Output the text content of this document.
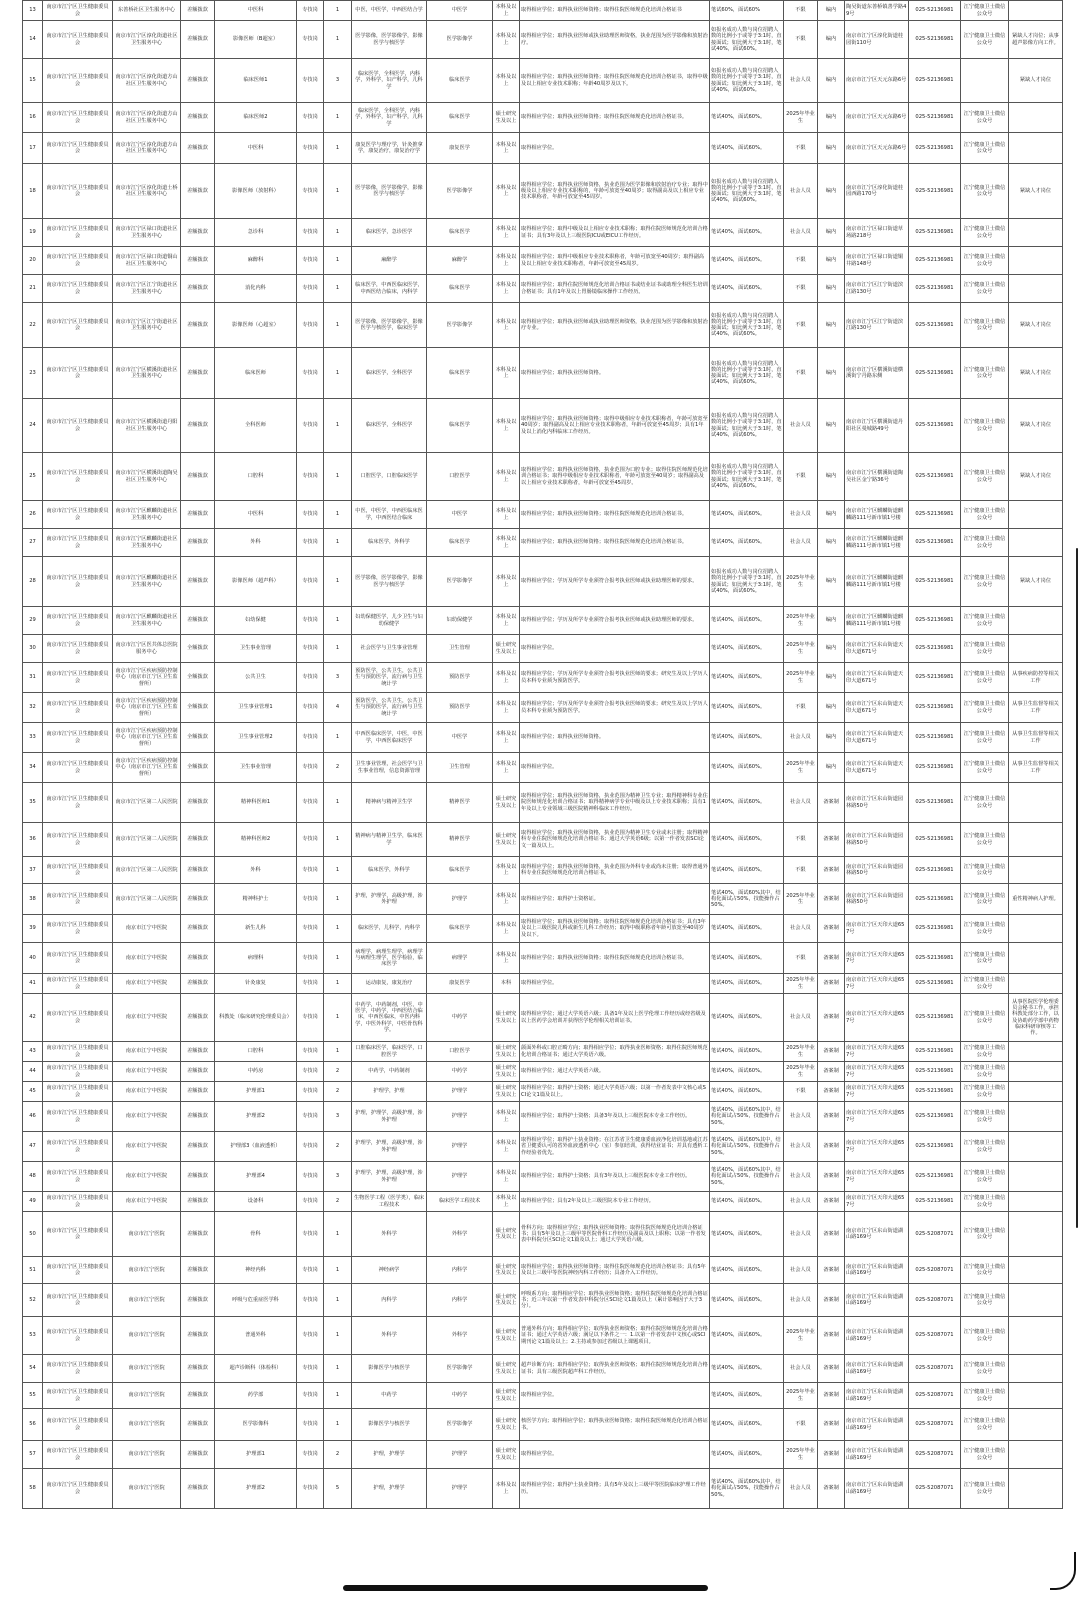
13	南京市江宁区卫生健康委员会	东善桥社区卫生服务中心	差额拨款	中医科	专技岗	1	中医，中医学，中西医结合学	中医学	本科及以上	取得相应学位；取得执业医师资格；取得住院医师规范化培训合格证书	笔试60%，面试60%	不限	编内	陶吴街道东善桥镇善学路49号	025-52136981	江宁健康卫士微信公众号	
14	南京市江宁区卫生健康委员会	南京市江宁区淳化街道社区卫生服务中心	差额拨款	影像医师（B超室）	专技岗	1	医学影像，医学影像学，影像医学与核医学	医学影像学	本科及以上	取得相应学位；取得执业医师或执业助理医师资格，执业范围为医学影像和放射治疗。	如报名成功人数与岗位招聘人数的比例小于或等于3:1时，直接面试；如比例大于3:1时，笔试40%，面试60%。	不限	编内	南京市江宁区淳化街道桂园街110号	025-52136981	江宁健康卫士微信公众号	紧缺人才岗位；从事超声影像方向工作。
15	南京市江宁区卫生健康委员会	南京市江宁区淳化街道方山社区卫生服务中心	差额拨款	临床医师1	专技岗	3	临床医学，全科医学，内科学，外科学，妇产科学，儿科学	临床医学	本科及以上	取得相应学位；取得执业医师资格；取得住院医师规范化培训合格证书，取得中级及以上相应专业技术职称；年龄40周岁及以下。	如报名成功人数与岗位招聘人数的比例小于或等于3:1时，直接面试；如比例大于3:1时，笔试40%，面试60%。	社会人员	编内	南京市江宁区天元东路6号	025-52136981		紧缺人才岗位
16	南京市江宁区卫生健康委员会	南京市江宁区淳化街道方山社区卫生服务中心	差额拨款	临床医师2	专技岗	1	临床医学，全科医学，内科学，外科学，妇产科学，儿科学	临床医学	硕士研究生及以上	取得相应学位；取得执业医师资格；取得住院医师规范化培训合格证书。	笔试40%，面试60%。	2025年毕业生	编内	南京市江宁区天元东路6号	025-52136981	江宁健康卫士微信公众号	
17	南京市江宁区卫生健康委员会	南京市江宁区淳化街道方山社区卫生服务中心	差额拨款	中医科	专技岗	1	康复医学与理疗学，针灸推拿学，康复治疗，康复治疗学	康复医学	本科及以上	取得相应学位。	笔试40%，面试60%。	不限	编内	南京市江宁区天元东路6号	025-52136981	江宁健康卫士微信公众号	
18	南京市江宁区卫生健康委员会	南京市江宁区淳化街道土桥社区卫生服务中心	差额拨款	影像医师（放射科）	专技岗	1	医学影像，医学影像学，影像医学与核医学	医学影像学	本科及以上	取得相应学位；取得执业医师资格，执业范围为医学影像和放射治疗专业；取得中级及以上相应专业技术职称的，年龄可放宽至40周岁；取得副高及以上相应专业技术职称者，年龄可放宽至45周岁。	如报名成功人数与岗位招聘人数的比例小于或等于3:1时，直接面试；如比例大于3:1时，笔试40%，面试60%。	社会人员	编内	南京市江宁区淳化街道桂园西路170号	025-52136981	江宁健康卫士微信公众号	紧缺人才岗位
19	南京市江宁区卫生健康委员会	南京市江宁区禄口街道社区卫生服务中心	差额拨款	急诊科	专技岗	1	临床医学，急诊医学	临床医学	本科及以上	取得相应学位；取得中级及以上相应专业技术职称；取得住院医师规范化培训合格证书；具有3年及以上三级医院ICU或EICU工作经历。	笔试40%，面试60%。	社会人员	编内	南京市江宁区禄口街道草场路218号	025-52136981	江宁健康卫士微信公众号	
20	南京市江宁区卫生健康委员会	南京市江宁区禄口街道铜山社区卫生服务中心	差额拨款	麻醉科	专技岗	1	麻醉学	麻醉学	本科及以上	取得相应学位；取得中级相应专业技术职称者，年龄可放宽至40周岁；取得副高及以上相应专业技术职称者，年龄可放宽至45周岁。	笔试40%，面试60%。	不限	编内	南京市江宁区禄口街道铜井路148号	025-52136981	江宁健康卫士微信公众号	
21	南京市江宁区卫生健康委员会	南京市江宁区江宁街道社区卫生服务中心	差额拨款	消化内科	专技岗	1	临床医学，中西医临床医学，中西医结合临床，内科学	临床医学	本科及以上	取得相应学位；取得住院医师规范化培训合格证书或结业证书或助理全科医生培训合格证书；具有1年及以上胃肠镜临床操作工作经历。	笔试40%，面试60%。	不限	编内	南京市江宁区江宁街道滨江路130号	025-52136981	江宁健康卫士微信公众号	
22	南京市江宁区卫生健康委员会	南京市江宁区江宁街道社区卫生服务中心	差额拨款	影像医师（心超室）	专技岗	1	医学影像，医学影像学，影像医学与核医学，临床医学	医学影像学	本科及以上	取得相应学位；取得执业医师或执业助理医师资格，执业范围为医学影像和放射治疗专业。	如报名成功人数与岗位招聘人数的比例小于或等于3:1时，直接面试；如比例大于3:1时，笔试40%，面试60%。	不限	编内	南京市江宁区江宁街道滨江路130号	025-52136981	江宁健康卫士微信公众号	紧缺人才岗位
23	南京市江宁区卫生健康委员会	南京市江宁区横溪街道社区卫生服务中心	差额拨款	临床医师	专技岗	1	临床医学，全科医学	临床医学	本科及以上	取得相应学位；取得执业医师资格。	如报名成功人数与岗位招聘人数的比例小于或等于3:1时，直接面试；如比例大于3:1时，笔试40%，面试60%。	不限	编内	南京市江宁区横溪街道横溪街宁丹路东侧	025-52136981	江宁健康卫士微信公众号	紧缺人才岗位
24	南京市江宁区卫生健康委员会	南京市江宁区横溪街道丹阳社区卫生服务中心	差额拨款	全科医师	专技岗	1	临床医学，全科医学	临床医学	本科及以上	取得相应学位；取得执业医师资格；取得中级相应专业技术职称者，年龄可放宽至40周岁；取得副高及以上相应专业技术职称者，年龄可放宽至45周岁；具有1年及以上消化内科临床工作经历。	如报名成功人数与岗位招聘人数的比例小于或等于3:1时，直接面试；如比例大于3:1时，笔试40%，面试60%。	社会人员	编内	南京市江宁区横溪街道丹阳社区曼城路49号	025-52136981	江宁健康卫士微信公众号	紧缺人才岗位
25	南京市江宁区卫生健康委员会	南京市江宁区横溪街道陶吴社区卫生服务中心	差额拨款	口腔科	专技岗	1	口腔医学，口腔临床医学	口腔医学	本科及以上	取得相应学位；取得执业医师资格，执业范围为口腔专业；取得住院医师规范化培训合格证书；取得中级相应专业技术职称者，年龄可放宽至40周岁；取得副高及以上相应专业技术职称者，年龄可放宽至45周岁。	如报名成功人数与岗位招聘人数的比例小于或等于3:1时，直接面试；如比例大于3:1时，笔试40%，面试60%。	不限	编内	南京市江宁区横溪街道陶吴社区金宁路36号	025-52136981	江宁健康卫士微信公众号	紧缺人才岗位
26	南京市江宁区卫生健康委员会	南京市江宁区麒麟街道社区卫生服务中心	差额拨款	中医科	专技岗	1	中医，中医学，中西医临床医学，中西医结合临床	中医学	本科及以上	取得相应学位；取得执业医师资格；取得住院医师规范化培训合格证书。	笔试40%，面试60%。	社会人员	编内	南京市江宁区麒麟街道麒麟路111号新市镇1号楼	025-52136981	江宁健康卫士微信公众号	
27	南京市江宁区卫生健康委员会	南京市江宁区麒麟街道社区卫生服务中心	差额拨款	外科	专技岗	1	临床医学，外科学	临床医学	本科及以上	取得相应学位；取得执业医师资格；取得住院医师规范化培训合格证书。	笔试40%，面试60%。	社会人员	编内	南京市江宁区麒麟街道麒麟路111号新市镇1号楼	025-52136981	江宁健康卫士微信公众号	
28	南京市江宁区卫生健康委员会	南京市江宁区麒麟街道社区卫生服务中心	差额拨款	影像医师（超声科）	专技岗	1	医学影像，医学影像学，影像医学与核医学	医学影像学	本科及以上	取得相应学位；学历及所学专业须符合报考执业医师或执业助理医师的要求。	如报名成功人数与岗位招聘人数的比例小于或等于3:1时，直接面试；如比例大于3:1时，笔试40%，面试60%。	2025年毕业生	编内	南京市江宁区麒麟街道麒麟路111号新市镇1号楼	025-52136981	江宁健康卫士微信公众号	紧缺人才岗位
29	南京市江宁区卫生健康委员会	南京市江宁区麒麟街道社区卫生服务中心	差额拨款	妇幼保健	专技岗	1	妇幼保健医学，儿少卫生与妇幼保健学	妇幼保健学	本科及以上	取得相应学位；学历及所学专业须符合报考执业医师或执业助理医师的要求。	笔试40%，面试60%。	2025年毕业生	编内	南京市江宁区麒麟街道麒麟路111号新市镇1号楼	025-52136981	江宁健康卫士微信公众号	
30	南京市江宁区卫生健康委员会	南京市江宁区医共体总医院服务中心	全额拨款	卫生事业管理	专技岗	1	社会医学与卫生事业管理	卫生管理	硕士研究生及以上	取得相应学位。	笔试40%，面试60%。	2025年毕业生	编内	南京市江宁区东山街道天印大道671号	025-52136981	江宁健康卫士微信公众号	
31	南京市江宁区卫生健康委员会	南京市江宁区疾病预防控制中心（南京市江宁区卫生监督所）	全额拨款	公共卫生	专技岗	3	预防医学，公共卫生，公共卫生与预防医学，流行病与卫生统计学	预防医学	本科及以上	取得相应学位；学历及所学专业须符合报考执业医师的要求；研究生及以上学历人员本科专业须为预防医学。	笔试40%，面试60%。	2025年毕业生	编内	南京市江宁区东山街道天印大道671号	025-52136981	江宁健康卫士微信公众号	从事疾病防控等相关工作
32	南京市江宁区卫生健康委员会	南京市江宁区疾病预防控制中心（南京市江宁区卫生监督所）	全额拨款	卫生事业管理1	专技岗	4	预防医学，公共卫生，公共卫生与预防医学，流行病与卫生统计学	预防医学	本科及以上	取得相应学位；学历及所学专业须符合报考执业医师的要求；研究生及以上学历人员本科专业须为预防医学。	笔试40%，面试60%。	不限	编内	南京市江宁区东山街道天印大道671号	025-52136981	江宁健康卫士微信公众号	从事卫生监督等相关工作
33	南京市江宁区卫生健康委员会	南京市江宁区疾病预防控制中心（南京市江宁区卫生监督所）	全额拨款	卫生事业管理2	专技岗	1	中西医临床医学，中医，中医学，中西医临床医学	中医学	本科及以上	取得相应学位；取得执业医师资格。	笔试40%，面试60%。	社会人员	编内	南京市江宁区东山街道天印大道671号	025-52136981	江宁健康卫士微信公众号	从事卫生监督等相关工作
34	南京市江宁区卫生健康委员会	南京市江宁区疾病预防控制中心（南京市江宁区卫生监督所）	全额拨款	卫生事业管理	专技岗	2	卫生事业管理，社会医学与卫生事业管理，信息资源管理	卫生管理	本科及以上	取得相应学位。	笔试40%，面试60%。	2025年毕业生	编内	南京市江宁区东山街道天印大道671号	025-52136981	江宁健康卫士微信公众号	从事卫生监督等相关工作
35	南京市江宁区卫生健康委员会	南京市江宁区第二人民医院	差额拨款	精神科医师1	专技岗	1	精神病与精神卫生学	精神医学	硕士研究生及以上	取得相应学位；取得执业医师资格，执业范围为精神卫生专业；取得精神科专业住院医师规范化培训合格证书；取得精神病学专业中级及以上专业技术职称；具有1年及以上专业领域三级医院精神科临床工作经历。	笔试40%，面试60%。	社会人员	备案制	南京市江宁区东山街道园林路50号	025-52136981	江宁健康卫士微信公众号	
36	南京市江宁区卫生健康委员会	南京市江宁区第二人民医院	差额拨款	精神科医师2	专技岗	1	精神病与精神卫生学，临床医学	精神医学	硕士研究生及以上	取得相应学位；取得执业医师资格，执业范围为精神卫生专业或未注册；取得精神科专业住院医师规范化培训合格证书；通过大学英语6级；以第一作者发表SCI论文一篇及以上。	笔试40%，面试60%。	不限	备案制	南京市江宁区东山街道园林路50号	025-52136981	江宁健康卫士微信公众号	
37	南京市江宁区卫生健康委员会	南京市江宁区第二人民医院	差额拨款	外科	专技岗	1	临床医学，外科学	临床医学	本科及以上	取得相应学位；取得执业医师资格，执业范围为外科专业或尚未注册；取得普通外科专业住院医师规范化培训合格证书。	笔试40%，面试60%。	不限	备案制	南京市江宁区东山街道园林路50号	025-52136981	江宁健康卫士微信公众号	
38	南京市江宁区卫生健康委员会	南京市江宁区第二人民医院	差额拨款	精神科护士	专技岗	1	护理，护理学，高级护理，涉外护理	护理学	本科及以上	取得相应学位；取得护士资格证。	笔试40%，面试60%其中，结构化面试占50%，技能操作占50%。	2025年毕业生	备案制	南京市江宁区东山街道园林路50号	025-52136981	江宁健康卫士微信公众号	重性精神病人护理。
39	南京市江宁区卫生健康委员会	南京市江宁中医院	差额拨款	新生儿科	专技岗	1	临床医学，儿科学，内科学	临床医学	本科及以上	取得相应学位；取得执业医师资格；取得住院医师规范化培训合格证书；具有3年及以上三级医院儿科或新生儿科工作经历；取得中级职称者年龄可放宽至40周岁及以下。	笔试40%，面试60%。	社会人员	备案制	南京市江宁区天印大道657号	025-52136981	江宁健康卫士微信公众号	
40	南京市江宁区卫生健康委员会	南京市江宁中医院	差额拨款	病理科	专技岗	1	病理学，病理生理学，病理学与病理生理学，医学检验，临床医学	病理学	本科及以上	取得相应学位；取得执业医师资格；取得住院医师规范化培训合格证书。	笔试40%，面试60%。	不限	备案制	南京市江宁区天印大道657号	025-52136981	江宁健康卫士微信公众号	
41	南京市江宁区卫生健康委员会	南京市江宁中医院	差额拨款	针灸康复	专技岗	1	运动康复，康复治疗	康复医学	本科	取得相应学位。	笔试40%，面试60%。	2025年毕业生	备案制	南京市江宁区天印大道657号	025-52136981	江宁健康卫士微信公众号	
42	南京市江宁区卫生健康委员会	南京市江宁中医院	差额拨款	科教处（临床研究伦理委员会）	专技岗	1	中药学，中药制剂，中医，中医学，中药学，中西医结合临床，中西医临床，中医内科学，中医外科学，中医骨伤科学。	中药学	硕士研究生及以上	取得相应学位；通过大学英语六级；具备1年及以上医学伦理工作经历或经省级及以上医药学会培训并获得医学伦理相关培训证书。	笔试40%，面试60%。	社会人员	备案制	南京市江宁区天印大道657号	025-52136981	江宁健康卫士微信公众号	从事医院医学伦理委员会秘书工作，承担科教处部分工作，以及协助药学部中药物临床科研审核等工作。
43	南京市江宁区卫生健康委员会	南京市江宁中医院	差额拨款	口腔科	专技岗	1	口腔临床医学，临床医学，口腔医学	口腔医学	硕士研究生及以上	颌面外科或口腔正畸方向；取得相应学位；取得执业医师资格；取得住院医师规范化培训合格证书；通过大学英语六级。	笔试40%，面试60%。	2025年毕业生	备案制	南京市江宁区天印大道657号	025-52136981	江宁健康卫士微信公众号	
44	南京市江宁区卫生健康委员会	南京市江宁中医院	差额拨款	中药房	专技岗	2	中药学，中药制剂	中药学	硕士研究生及以上	取得相应学位；通过大学英语六级。	笔试40%，面试60%。	2025年毕业生	备案制	南京市江宁区天印大道657号	025-52136981	江宁健康卫士微信公众号	
45	南京市江宁区卫生健康委员会	南京市江宁中医院	差额拨款	护理部1	专技岗	2	护理学，护理	护理学	硕士研究生及以上	取得相应学位；取得护士资格；通过大学英语六级；以第一作者发表中文核心或SCI论文1篇及以上。	笔试40%，面试60%。	不限	备案制	南京市江宁区天印大道657号	025-52136981	江宁健康卫士微信公众号	
46	南京市江宁区卫生健康委员会	南京市江宁中医院	差额拨款	护理部2	专技岗	3	护理，护理学，高级护理，涉外护理	护理学	本科及以上	取得相应学位；取得护士资格；具备3年及以上三级医院本专业工作经历。	笔试40%，面试60%其中，结构化面试占50%，技能操作占50%。	社会人员	备案制	南京市江宁区天印大道657号	025-52136981	江宁健康卫士微信公众号	
47	南京市江宁区卫生健康委员会	南京市江宁中医院	差额拨款	护理部3（血液透析）	专技岗	2	护理学，护理，高级护理，涉外护理	护理学	本科及以上	取得相应学位；取得护士执业资格；在江苏省卫生健康委血液净化培训基地或江苏省卫健委认可的省外血液透析中心（室）参加培训，获得结业证书；并具有透析工作经验者优先。	笔试40%，面试60%其中，结构化面试占50%，技能操作占50%。	社会人员	备案制	南京市江宁区天印大道657号	025-52136981	江宁健康卫士微信公众号	
48	南京市江宁区卫生健康委员会	南京市江宁中医院	差额拨款	护理部4	专技岗	3	护理学，护理，高级护理，涉外护理	护理学	本科及以上	取得相应学位；取得护士资格；具有3年及以上三级医院本专业工作经历。	笔试40%，面试60%其中，结构化面试占50%，技能操作占50%。	社会人员	备案制	南京市江宁区天印大道657号	025-52136981	江宁健康卫士微信公众号	
49	南京市江宁区卫生健康委员会	南京市江宁中医院	差额拨款	设备科	专技岗	2	生物医学工程（医学类），临床工程技术	临床医学工程技术	本科及以上	取得相应学位；具有2年及以上三级医院本专业工作经历。	笔试40%，面试60%。	社会人员	备案制	南京市江宁区天印大道657号	025-52136981	江宁健康卫士微信公众号	
50	南京市江宁区卫生健康委员会	南京市江宁医院	差额拨款	骨科	专技岗	1	外科学	外科学	硕士研究生及以上	骨科方向；取得相应学位；取得执业医师资格；取得住院医师规范化培训合格证书；具有5年及以上三级甲等医院骨科工作经历及副高及以上职称；以第一作者发表中科院分区SCI论文1篇及以上；通过大学英语六级。	笔试40%，面试60%。	社会人员	备案制	南京市江宁区东山街道湖山路169号	025-52087071	江宁健康卫士微信公众号	
51	南京市江宁区卫生健康委员会	南京市江宁医院	差额拨款	神经内科	专技岗	1	神经病学	内科学	硕士研究生及以上	取得相应学位；取得执业医师资格；取得住院医师规范化培训合格证书；具有5年及以上三级甲等医院神经内科工作经历；具备介入工作经历。	笔试40%，面试60%。	社会人员	备案制	南京市江宁区东山街道湖山路169号	025-52087071	江宁健康卫士微信公众号	
52	南京市江宁区卫生健康委员会	南京市江宁医院	差额拨款	呼吸与危重症医学科	专技岗	1	内科学	内科学	硕士研究生及以上	呼吸系方向；取得相应学位；取得执业医师资格；取得住院医师规范化培训合格证书；近三年以第一作者发表中科院分区SCI论文1篇及以上（累计影响因子大于3分）。	笔试40%，面试60%。	社会人员	备案制	南京市江宁区东山街道湖山路169号	025-52087071	江宁健康卫士微信公众号	
53	南京市江宁区卫生健康委员会	南京市江宁医院	差额拨款	普通外科	专技岗	1	外科学	外科学	硕士研究生及以上	普通外科方向；取得相应学位；取得执业医师资格；取得住院医师规范化培训合格证书；通过大学英语六级；满足以下条件之一：1.以第一作者发表中文核心或SCI期刊论文1篇及以上；2.主持或参加过省级以上课题项目。	笔试40%，面试60%。	2025年毕业生	备案制	南京市江宁区东山街道湖山路169号	025-52087071	江宁健康卫士微信公众号	
54	南京市江宁区卫生健康委员会	南京市江宁医院	差额拨款	超声诊断科（体检科）	专技岗	1	影像医学与核医学	医学影像学	硕士研究生及以上	超声诊断方向；取得相应学位；取得执业医师资格；取得住院医师规范化培训合格证书；具有三级医院超声科工作经历。	笔试40%，面试60%。	社会人员	备案制	南京市江宁区东山街道湖山路169号	025-52087071	江宁健康卫士微信公众号	
55	南京市江宁区卫生健康委员会	南京市江宁医院	差额拨款	药学部	专技岗	1	中药学	中药学	硕士研究生及以上	取得相应学位。	笔试40%，面试60%。	2025年毕业生	备案制	南京市江宁区东山街道湖山路169号	025-52087071	江宁健康卫士微信公众号	
56	南京市江宁区卫生健康委员会	南京市江宁医院	差额拨款	医学影像科	专技岗	1	影像医学与核医学	医学影像学	硕士研究生及以上	核医学方向；取得相应学位；取得执业医师资格；取得住院医师规范化培训合格证书。	笔试40%，面试60%。	不限	备案制	南京市江宁区东山街道湖山路169号	025-52087071	江宁健康卫士微信公众号	
57	南京市江宁区卫生健康委员会	南京市江宁医院	差额拨款	护理部1	专技岗	2	护理，护理学	护理学	硕士研究生及以上	取得相应学位。	笔试40%，面试60%。	2025年毕业生	备案制	南京市江宁区东山街道湖山路169号	025-52087071	江宁健康卫士微信公众号	
58	南京市江宁区卫生健康委员会	南京市江宁医院	差额拨款	护理部2	专技岗	5	护理，护理学	护理学	本科及以上	取得相应学位；取得护士执业资格；具有5年及以上三级甲等医院临床护理工作经历。	笔试40%，面试60%其中，结构化面试占50%，技能操作占50%。	社会人员	备案制	南京市江宁区东山街道湖山路169号	025-52087071	江宁健康卫士微信公众号	
